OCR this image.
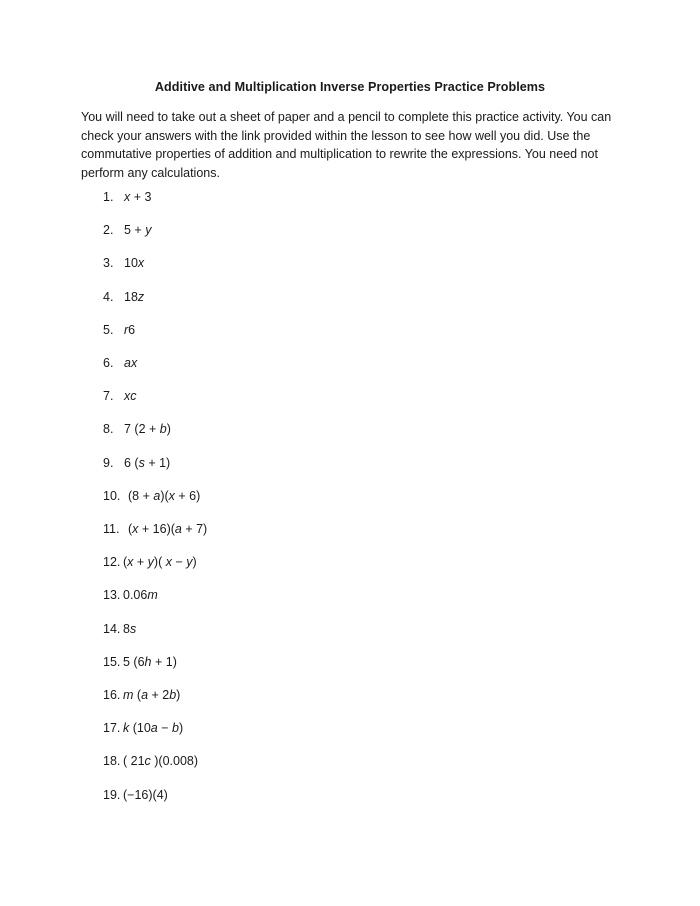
Additive and Multiplication Inverse Properties Practice Problems
You will need to take out a sheet of paper and a pencil to complete this practice activity. You can check your answers with the link provided within the lesson to see how well you did. Use the commutative properties of addition and multiplication to rewrite the expressions. You need not perform any calculations.
1. x + 3
2. 5 + y
3. 10x
4. 18z
5. r6
6. ax
7. xc
8. 7 (2 + b)
9. 6 (s + 1)
10. (8 + a)(x + 6)
11. (x + 16)(a + 7)
12. (x + y)( x − y)
13. 0.06m
14. 8s
15. 5 (6h + 1)
16. m (a + 2b)
17. k (10a − b)
18. ( 21c )(0.008)
19. (−16)(4)
